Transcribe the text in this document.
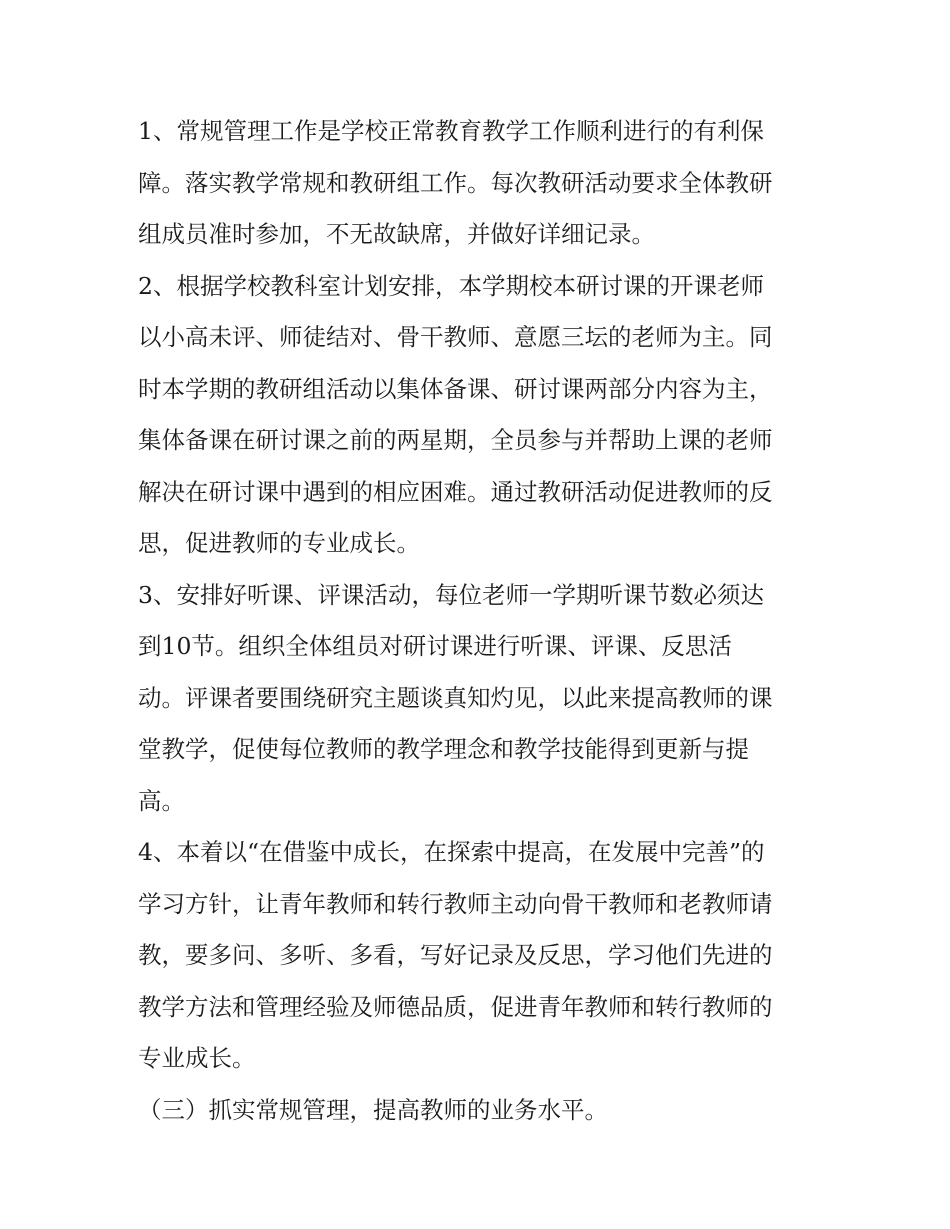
1、常规管理工作是学校正常教育教学工作顺利进行的有利保
障。落实教学常规和教研组工作。每次教研活动要求全体教研
组成员准时参加，不无故缺席，并做好详细记录。
2、根据学校教科室计划安排，本学期校本研讨课的开课老师
以小高未评、师徒结对、骨干教师、意愿三坛的老师为主。同
时本学期的教研组活动以集体备课、研讨课两部分内容为主，
集体备课在研讨课之前的两星期，全员参与并帮助上课的老师
解决在研讨课中遇到的相应困难。通过教研活动促进教师的反
思，促进教师的专业成长。
3、安排好听课、评课活动，每位老师一学期听课节数必须达
到10节。组织全体组员对研讨课进行听课、评课、反思活
动。评课者要围绕研究主题谈真知灼见，以此来提高教师的课
堂教学，促使每位教师的教学理念和教学技能得到更新与提
高。
4、本着以“在借鉴中成长，在探索中提高，在发展中完善”的
学习方针，让青年教师和转行教师主动向骨干教师和老教师请
教，要多问、多听、多看，写好记录及反思，学习他们先进的
教学方法和管理经验及师德品质，促进青年教师和转行教师的
专业成长。
（三）抓实常规管理，提高教师的业务水平。
